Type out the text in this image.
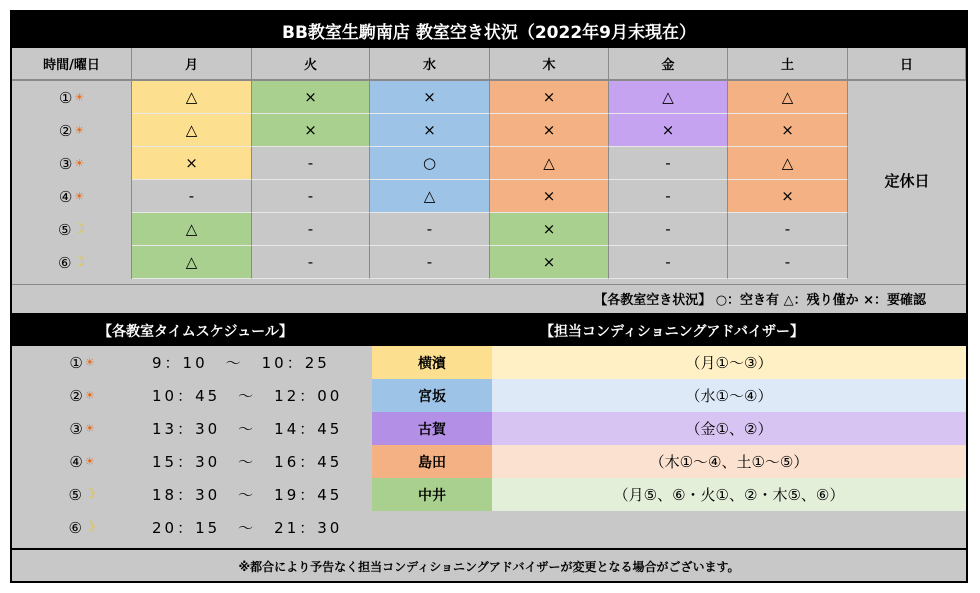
BB教室生駒南店 教室空き状況（2022年9月末現在）
時間/曜日	月	火	水	木	金	土	日
① ☀	△	×	×	×	△	△
② ☀	△	×	×	×	×	×
③ ☀	×	-	○	△	-	△
④ ☀	-	-	△	×	-	×
⑤ ☽	△	-	-	×	-	-
⑥ ☽	△	-	-	×	-	-
定休日
【各教室空き状況】 ○：空き有 △：残り僅か ×：要確認
【各教室タイムスケジュール】	【担当コンディショニングアドバイザー】
① ☀	9：10　～　10：25	横濱	（月①～③）
② ☀	10：45　～　12：00	宮坂	（水①～④）
③ ☀	13：30　～　14：45	古賀	（金①、②）
④ ☀	15：30　～　16：45	島田	（木①～④、土①～⑤）
⑤ ☽	18：30　～　19：45	中井	（月⑤、⑥・火①、②・木⑤、⑥）
⑥ ☽	20：15　～　21：30
※都合により予告なく担当コンディショニングアドバイザーが変更となる場合がございます。
